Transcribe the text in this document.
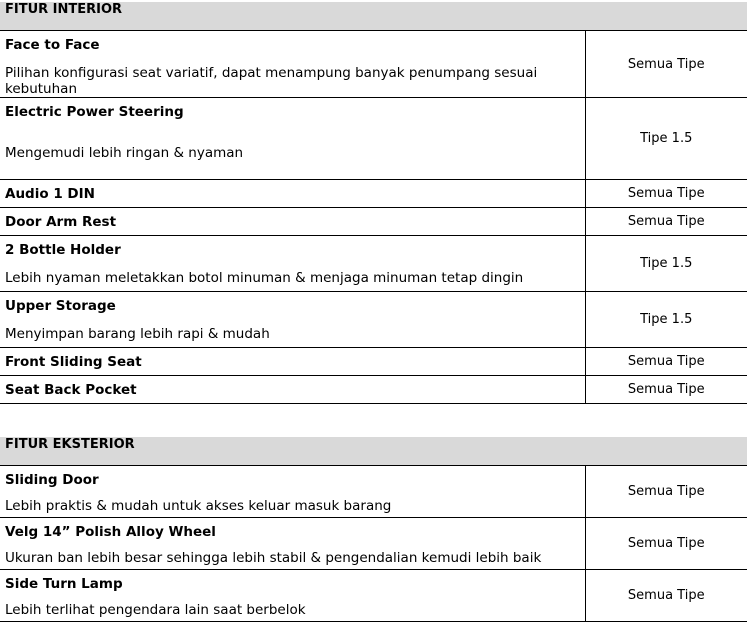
FITUR INTERIOR	

Face to Face
Pilihan konfigurasi seat variatif, dapat menampung banyak penumpang sesuai kebutuhan	Semua Tipe

Electric Power Steering
Mengemudi lebih ringan & nyaman	Tipe 1.5

Audio 1 DIN	Semua Tipe

Door Arm Rest	Semua Tipe

2 Bottle Holder
Lebih nyaman meletakkan botol minuman & menjaga minuman tetap dingin	Tipe 1.5

Upper Storage
Menyimpan barang lebih rapi & mudah	Tipe 1.5

Front Sliding Seat	Semua Tipe

Seat Back Pocket	Semua Tipe
FITUR EKSTERIOR	

Sliding Door
Lebih praktis & mudah untuk akses keluar masuk barang	Semua Tipe

Velg 14” Polish Alloy Wheel
Ukuran ban lebih besar sehingga lebih stabil & pengendalian kemudi lebih baik	Semua Tipe

Side Turn Lamp
Lebih terlihat pengendara lain saat berbelok	Semua Tipe
